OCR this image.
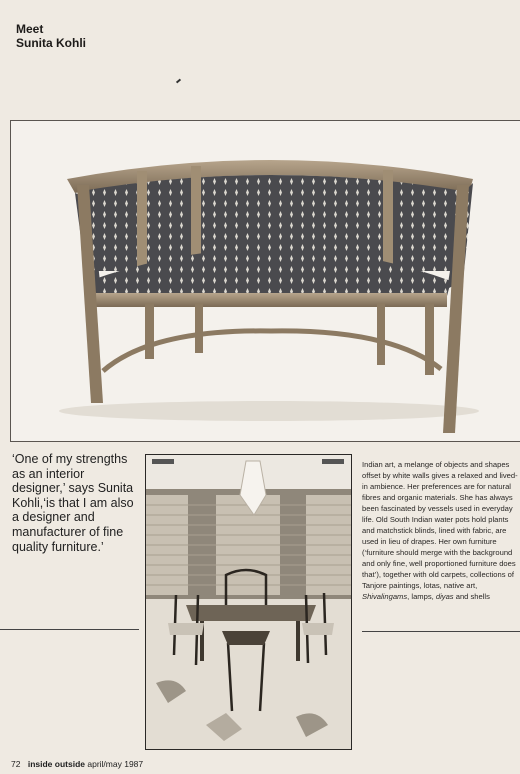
Meet
Sunita Kohli
‘One of my strengths as an interior designer,’ says Sunita Kohli,‘is that I am also a designer and manufacturer of fine quality furniture.’

Indian art, a melange of objects and shapes offset by white walls gives a relaxed and lived-in ambience. Her preferences are for natural fibres and organic materials. She has always been fascinated by vessels used in everyday life. Old South Indian water pots hold plants and matchstick blinds, lined with fabric, are used in lieu of drapes. Her own furniture (‘furniture should merge with the background and only fine, well proportioned furniture does that’), together with old carpets, collections of Tanjore paintings, lotas, native art, Shivalingams, lamps, diyas and shells

72 inside outside april/may 1987
